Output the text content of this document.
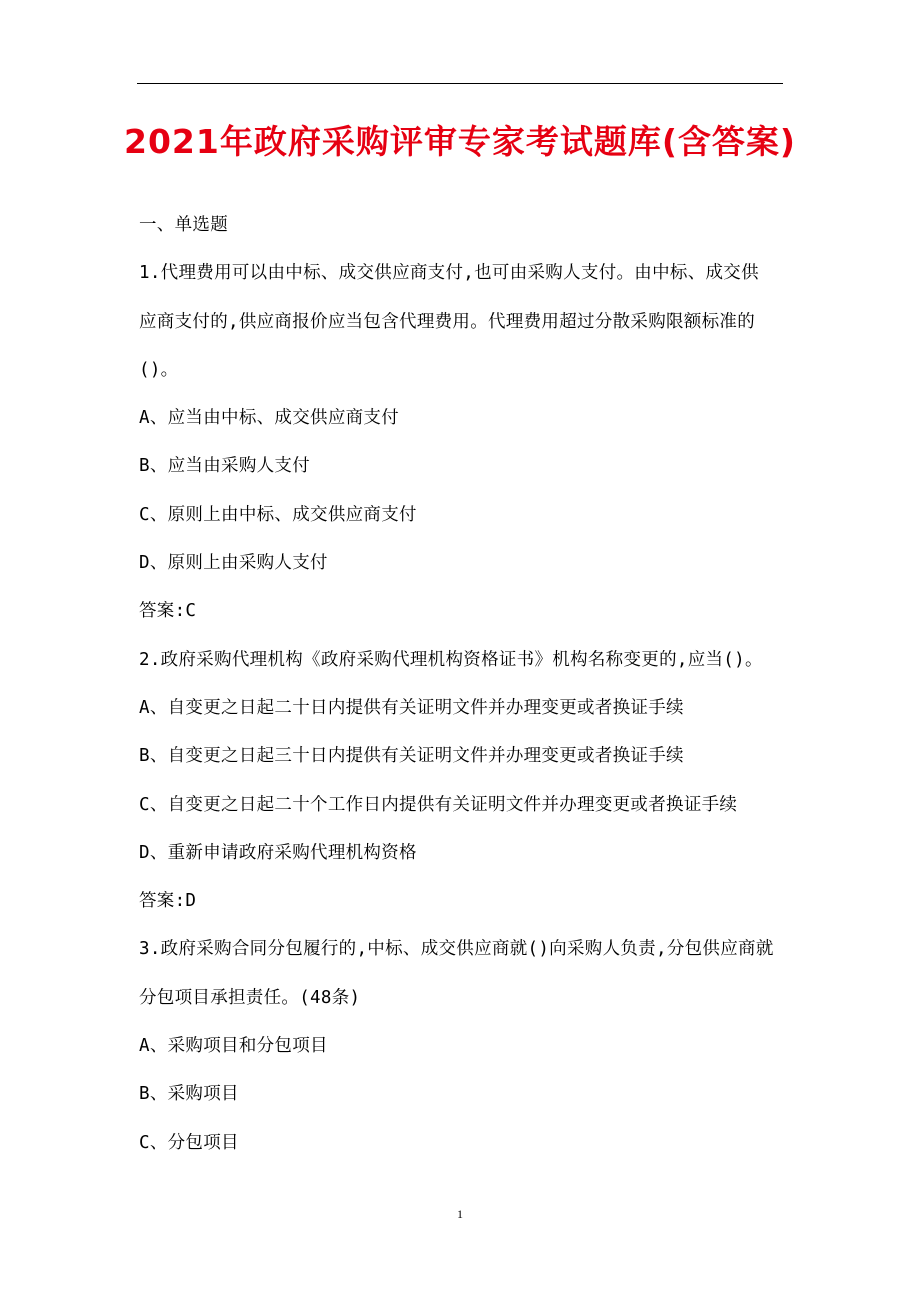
2021年政府采购评审专家考试题库(含答案)
一、单选题
1.代理费用可以由中标、成交供应商支付,也可由采购人支付。由中标、成交供
应商支付的,供应商报价应当包含代理费用。代理费用超过分散采购限额标准的
()。
A、应当由中标、成交供应商支付
B、应当由采购人支付
C、原则上由中标、成交供应商支付
D、原则上由采购人支付
答案:C
2.政府采购代理机构《政府采购代理机构资格证书》机构名称变更的,应当()。
A、自变更之日起二十日内提供有关证明文件并办理变更或者换证手续
B、自变更之日起三十日内提供有关证明文件并办理变更或者换证手续
C、自变更之日起二十个工作日内提供有关证明文件并办理变更或者换证手续
D、重新申请政府采购代理机构资格
答案:D
3.政府采购合同分包履行的,中标、成交供应商就()向采购人负责,分包供应商就
分包项目承担责任。(48条)
A、采购项目和分包项目
B、采购项目
C、分包项目
1
